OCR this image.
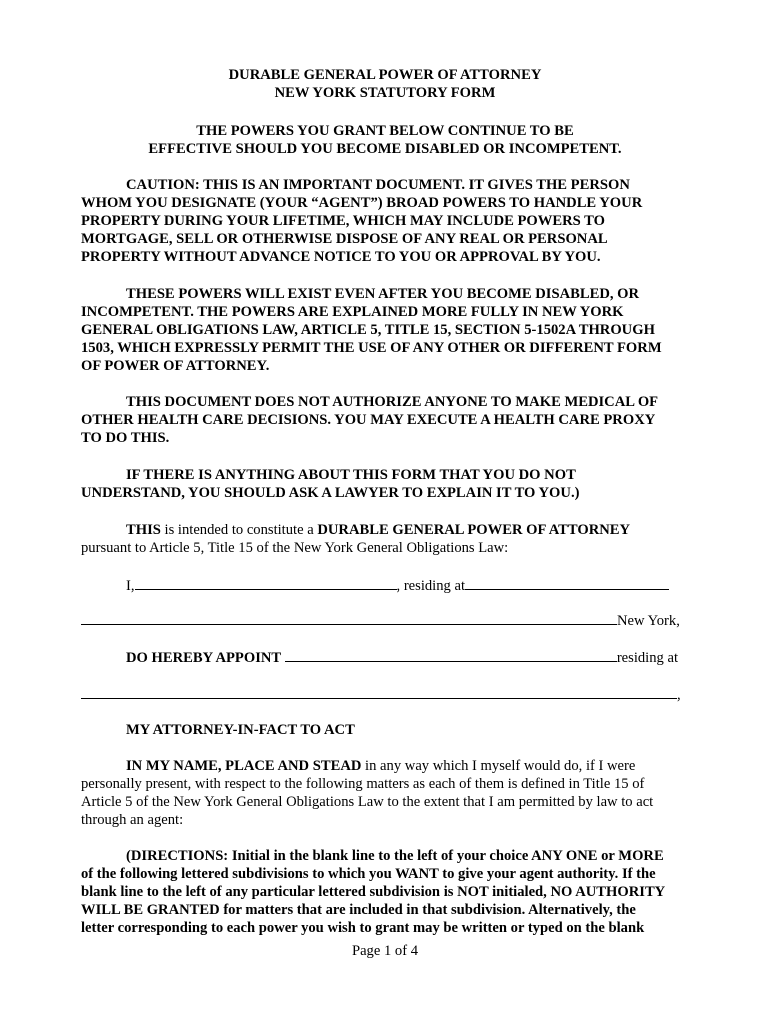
DURABLE GENERAL POWER OF ATTORNEY
NEW YORK STATUTORY FORM
THE POWERS YOU GRANT BELOW CONTINUE TO BE
EFFECTIVE SHOULD YOU BECOME DISABLED OR INCOMPETENT.
CAUTION: THIS IS AN IMPORTANT DOCUMENT. IT GIVES THE PERSON
WHOM YOU DESIGNATE (YOUR “AGENT”) BROAD POWERS TO HANDLE YOUR
PROPERTY DURING YOUR LIFETIME, WHICH MAY INCLUDE POWERS TO
MORTGAGE, SELL OR OTHERWISE DISPOSE OF ANY REAL OR PERSONAL
PROPERTY WITHOUT ADVANCE NOTICE TO YOU OR APPROVAL BY YOU.
THESE POWERS WILL EXIST EVEN AFTER YOU BECOME DISABLED, OR
INCOMPETENT. THE POWERS ARE EXPLAINED MORE FULLY IN NEW YORK
GENERAL OBLIGATIONS LAW, ARTICLE 5, TITLE 15, SECTION 5-1502A THROUGH
1503, WHICH EXPRESSLY PERMIT THE USE OF ANY OTHER OR DIFFERENT FORM
OF POWER OF ATTORNEY.
THIS DOCUMENT DOES NOT AUTHORIZE ANYONE TO MAKE MEDICAL OF
OTHER HEALTH CARE DECISIONS. YOU MAY EXECUTE A HEALTH CARE PROXY
TO DO THIS.
IF THERE IS ANYTHING ABOUT THIS FORM THAT YOU DO NOT
UNDERSTAND, YOU SHOULD ASK A LAWYER TO EXPLAIN IT TO YOU.)
THIS is intended to constitute a DURABLE GENERAL POWER OF ATTORNEY
pursuant to Article 5, Title 15 of the New York General Obligations Law:
I,	, residing at
New York,
DO HEREBY APPOINT	residing at
,
MY ATTORNEY-IN-FACT TO ACT
IN MY NAME, PLACE AND STEAD in any way which I myself would do, if I were
personally present, with respect to the following matters as each of them is defined in Title 15 of
Article 5 of the New York General Obligations Law to the extent that I am permitted by law to act
through an agent:
(DIRECTIONS: Initial in the blank line to the left of your choice ANY ONE or MORE
of the following lettered subdivisions to which you WANT to give your agent authority. If the
blank line to the left of any particular lettered subdivision is NOT initialed, NO AUTHORITY
WILL BE GRANTED for matters that are included in that subdivision. Alternatively, the
letter corresponding to each power you wish to grant may be written or typed on the blank
Page 1 of 4
